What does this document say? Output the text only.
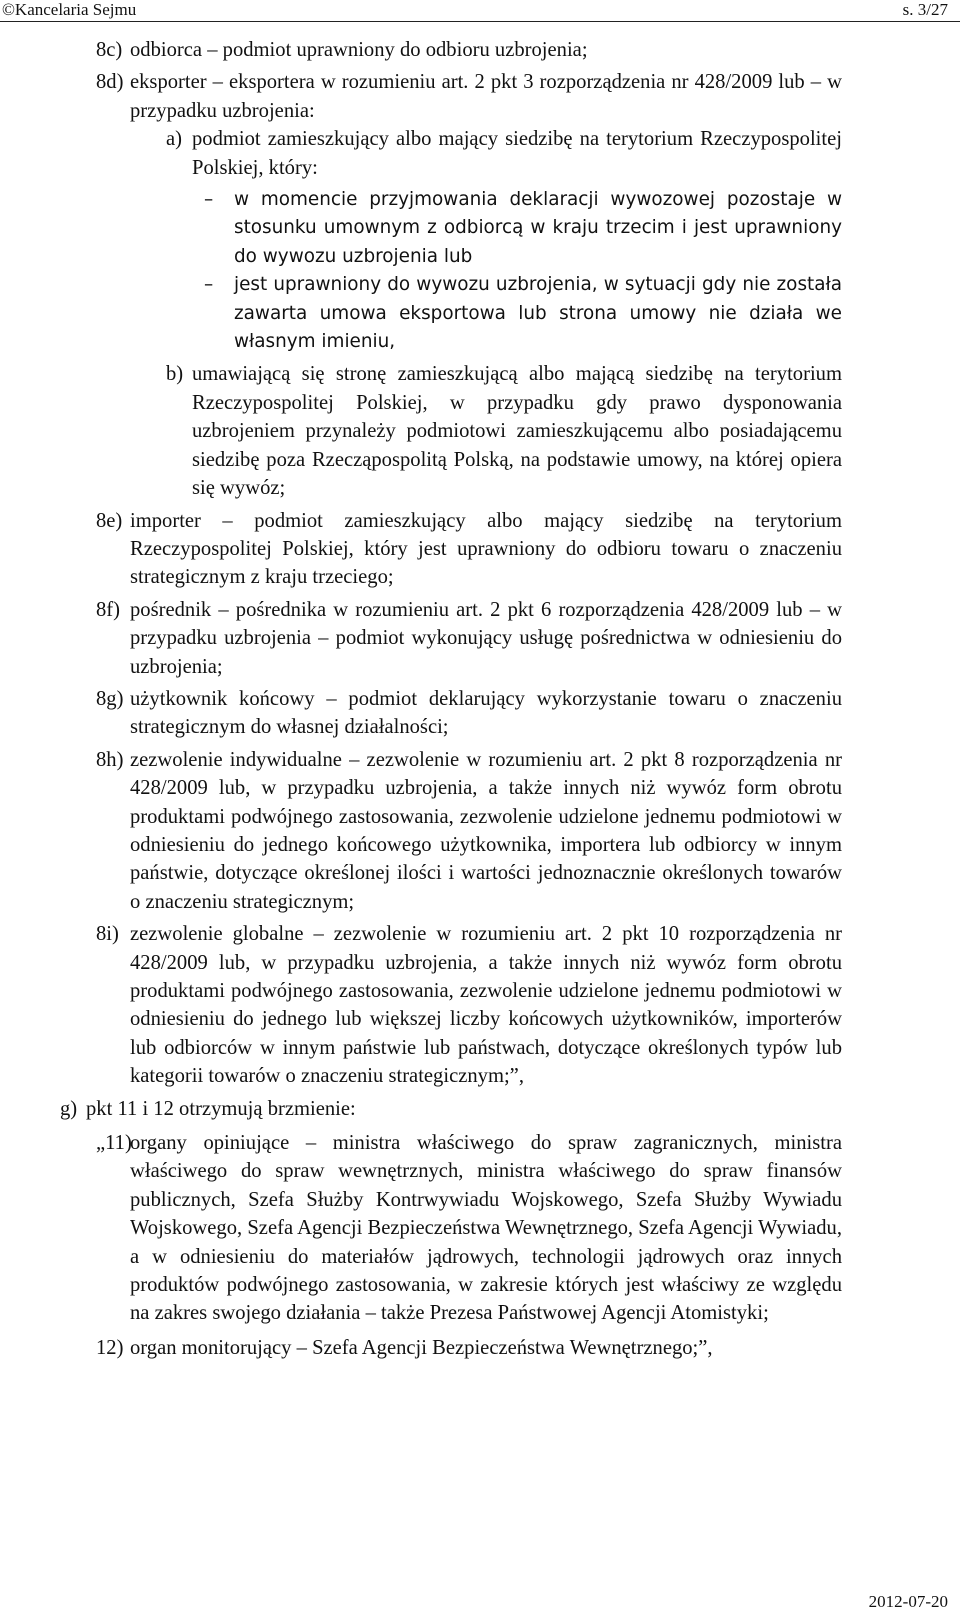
©Kancelaria Sejmu	s. 3/27
8c) odbiorca – podmiot uprawniony do odbioru uzbrojenia;
8d) eksporter – eksportera w rozumieniu art. 2 pkt 3 rozporządzenia nr 428/2009 lub – w przypadku uzbrojenia:
a) podmiot zamieszkujący albo mający siedzibę na terytorium Rzeczypospolitej Polskiej, który:
– w momencie przyjmowania deklaracji wywozowej pozostaje w stosunku umownym z odbiorcą w kraju trzecim i jest uprawniony do wywozu uzbrojenia lub
– jest uprawniony do wywozu uzbrojenia, w sytuacji gdy nie została zawarta umowa eksportowa lub strona umowy nie działa we własnym imieniu,
b) umawiającą się stronę zamieszkującą albo mającą siedzibę na terytorium Rzeczypospolitej Polskiej, w przypadku gdy prawo dysponowania uzbrojeniem przynależy podmiotowi zamieszkującemu albo posiadającemu siedzibę poza Rzecząpospolitą Polską, na podstawie umowy, na której opiera się wywóz;
8e) importer – podmiot zamieszkujący albo mający siedzibę na terytorium Rzeczypospolitej Polskiej, który jest uprawniony do odbioru towaru o znaczeniu strategicznym z kraju trzeciego;
8f) pośrednik – pośrednika w rozumieniu art. 2 pkt 6 rozporządzenia 428/2009 lub – w przypadku uzbrojenia – podmiot wykonujący usługę pośrednictwa w odniesieniu do uzbrojenia;
8g) użytkownik końcowy – podmiot deklarujący wykorzystanie towaru o znaczeniu strategicznym do własnej działalności;
8h) zezwolenie indywidualne – zezwolenie w rozumieniu art. 2 pkt 8 rozporządzenia nr 428/2009 lub, w przypadku uzbrojenia, a także innych niż wywóz form obrotu produktami podwójnego zastosowania, zezwolenie udzielone jednemu podmiotowi w odniesieniu do jednego końcowego użytkownika, importera lub odbiorcy w innym państwie, dotyczące określonej ilości i wartości jednoznacznie określonych towarów o znaczeniu strategicznym;
8i) zezwolenie globalne – zezwolenie w rozumieniu art. 2 pkt 10 rozporządzenia nr 428/2009 lub, w przypadku uzbrojenia, a także innych niż wywóz form obrotu produktami podwójnego zastosowania, zezwolenie udzielone jednemu podmiotowi w odniesieniu do jednego lub większej liczby końcowych użytkowników, importerów lub odbiorców w innym państwie lub państwach, dotyczące określonych typów lub kategorii towarów o znaczeniu strategicznym;”,
g) pkt 11 i 12 otrzymują brzmienie:
„11)
organy opiniujące – ministra właściwego do spraw zagranicznych, ministra właściwego do spraw wewnętrznych, ministra właściwego do spraw finansów publicznych, Szefa Służby Kontrwywiadu Wojskowego, Szefa Służby Wywiadu Wojskowego, Szefa Agencji Bezpieczeństwa Wewnętrznego, Szefa Agencji Wywiadu, a w odniesieniu do materiałów jądrowych, technologii jądrowych oraz innych produktów podwójnego zastosowania, w zakresie których jest właściwy ze względu na zakres swojego działania – także Prezesa Państwowej Agencji Atomistyki;
12) organ monitorujący – Szefa Agencji Bezpieczeństwa Wewnętrznego;”,
2012-07-20
